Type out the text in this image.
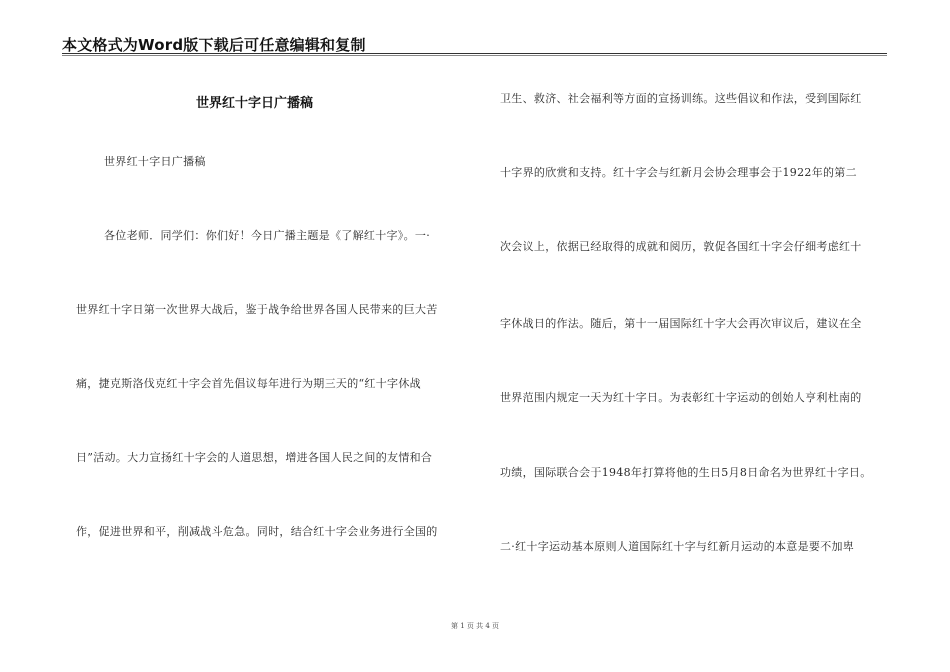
本文格式为Word版下载后可任意编辑和复制
世界红十字日广播稿
世界红十字日广播稿
各位老师．同学们：你们好！今日广播主题是《了解红十字》。一·
世界红十字日第一次世界大战后，鉴于战争给世界各国人民带来的巨大苦
痛，捷克斯洛伐克红十字会首先倡议每年进行为期三天的“红十字休战
日”活动。大力宣扬红十字会的人道思想，增进各国人民之间的友情和合
作，促进世界和平，削减战斗危急。同时，结合红十字会业务进行全国的
卫生、救济、社会福利等方面的宣扬训练。这些倡议和作法，受到国际红
十字界的欣赏和支持。红十字会与红新月会协会理事会于1922年的第二
次会议上，依据已经取得的成就和阅历，敦促各国红十字会仔细考虑红十
字休战日的作法。随后，第十一届国际红十字大会再次审议后，建议在全
世界范围内规定一天为红十字日。为表彰红十字运动的创始人亨利杜南的
功绩，国际联合会于1948年打算将他的生日5月8日命名为世界红十字日。
二·红十字运动基本原则人道国际红十字与红新月运动的本意是要不加卑
第 1 页 共 4 页
